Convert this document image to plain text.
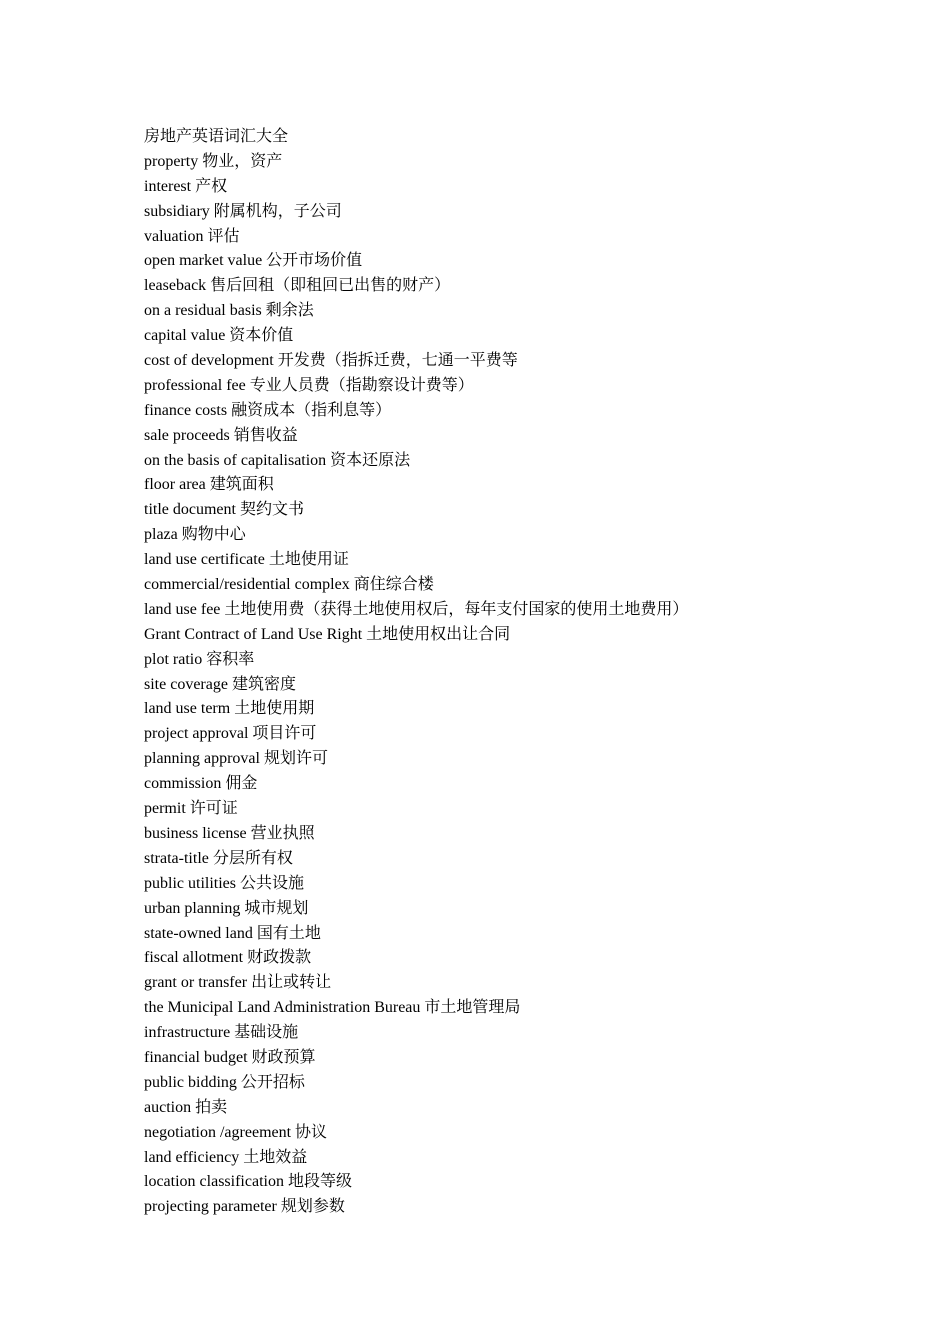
房地产英语词汇大全
property 物业，资产
interest 产权
subsidiary 附属机构，子公司
valuation 评估
open market value 公开市场价值
leaseback 售后回租（即租回已出售的财产）
on a residual basis 剩余法
capital value 资本价值
cost of development 开发费（指拆迁费，七通一平费等
professional fee 专业人员费（指勘察设计费等）
finance costs 融资成本（指利息等）
sale proceeds 销售收益
on the basis of capitalisation 资本还原法
floor area 建筑面积
title document 契约文书
plaza 购物中心
land use certificate 土地使用证
commercial/residential complex 商住综合楼
land use fee 土地使用费（获得土地使用权后，每年支付国家的使用土地费用）
Grant Contract of Land Use Right 土地使用权出让合同
plot ratio 容积率
site coverage 建筑密度
land use term 土地使用期
project approval 项目许可
planning approval 规划许可
commission 佣金
permit 许可证
business license 营业执照
strata-title 分层所有权
public utilities 公共设施
urban planning 城市规划
state-owned land 国有土地
fiscal allotment 财政拨款
grant or transfer 出让或转让
the Municipal Land Administration Bureau 市土地管理局
infrastructure 基础设施
financial budget 财政预算
public bidding 公开招标
auction 拍卖
negotiation /agreement 协议
land efficiency 土地效益
location classification 地段等级
projecting parameter 规划参数
